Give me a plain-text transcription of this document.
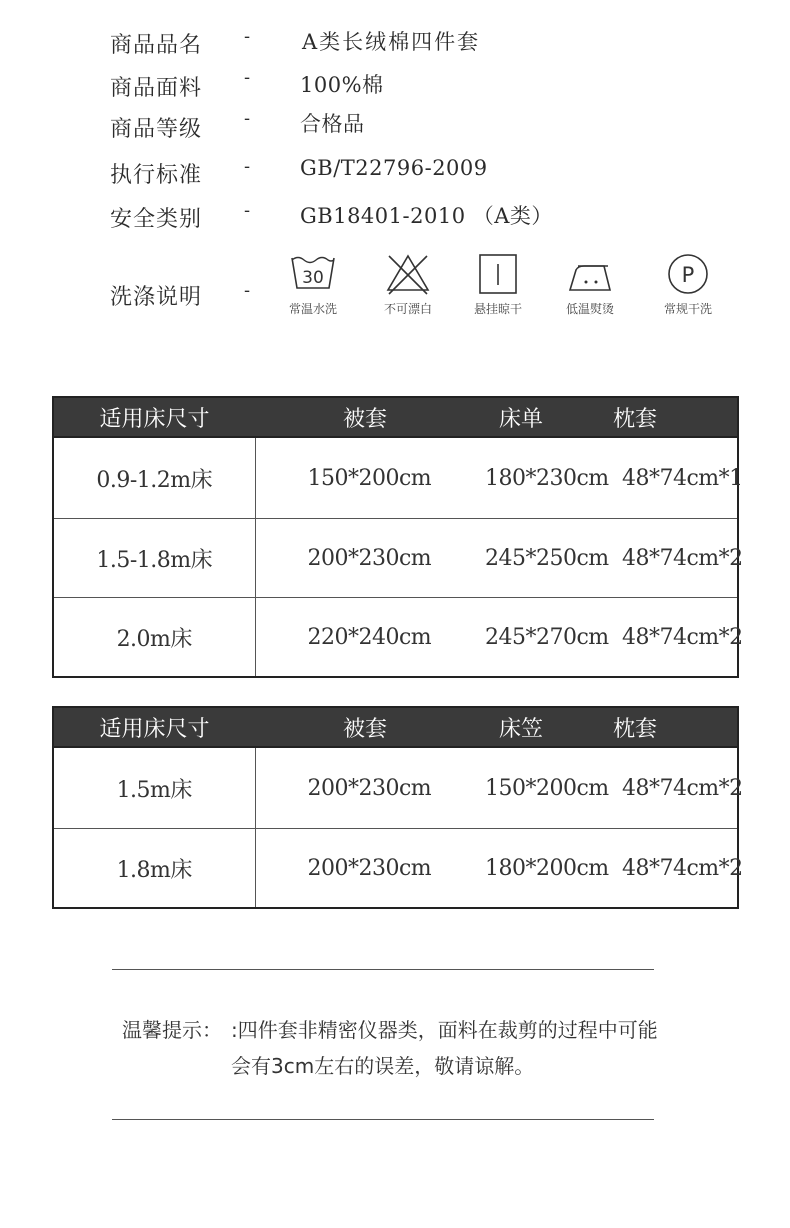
商品品名 - A类长绒棉四件套
商品面料 - 100%棉
商品等级 - 合格品
执行标准 - GB/T22796-2009
安全类别 - GB18401-2010 （A类）
洗涤说明 -
30
常温水洗	不可漂白	悬挂晾干	低温熨烫
P
常规干洗
适用床尺寸	被套	床单	枕套
0.9-1.2m床	150*200cm	180*230cm	48*74cm*1
1.5-1.8m床	200*230cm	245*250cm	48*74cm*2
2.0m床	220*240cm	245*270cm	48*74cm*2
适用床尺寸	被套	床笠	枕套
1.5m床	200*230cm	150*200cm	48*74cm*2
1.8m床	200*230cm	180*200cm	48*74cm*2
温馨提示： :四件套非精密仪器类，面料在裁剪的过程中可能
会有3cm左右的误差，敬请谅解。
